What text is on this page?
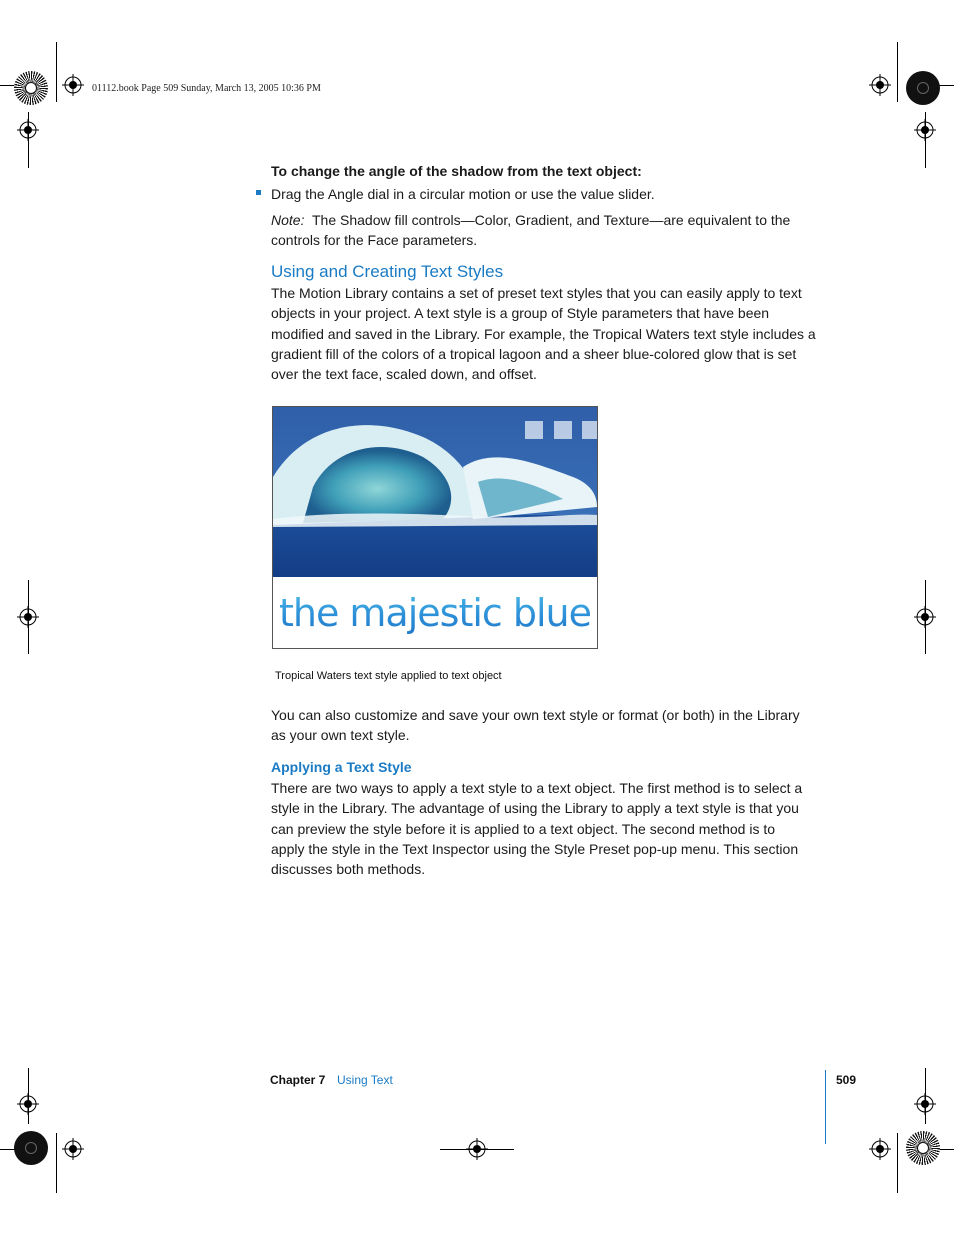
01112.book Page 509 Sunday, March 13, 2005 10:36 PM
To change the angle of the shadow from the text object:
Drag the Angle dial in a circular motion or use the value slider.
Note: The Shadow fill controls—Color, Gradient, and Texture—are equivalent to the
controls for the Face parameters.
Using and Creating Text Styles
The Motion Library contains a set of preset text styles that you can easily apply to text
objects in your project. A text style is a group of Style parameters that have been
modified and saved in the Library. For example, the Tropical Waters text style includes a
gradient fill of the colors of a tropical lagoon and a sheer blue-colored glow that is set
over the text face, scaled down, and offset.
the majestic blue
Tropical Waters text style applied to text object
You can also customize and save your own text style or format (or both) in the Library
as your own text style.
Applying a Text Style
There are two ways to apply a text style to a text object. The first method is to select a
style in the Library. The advantage of using the Library to apply a text style is that you
can preview the style before it is applied to a text object. The second method is to
apply the style in the Text Inspector using the Style Preset pop-up menu. This section
discusses both methods.
Chapter 7 Using Text	509
